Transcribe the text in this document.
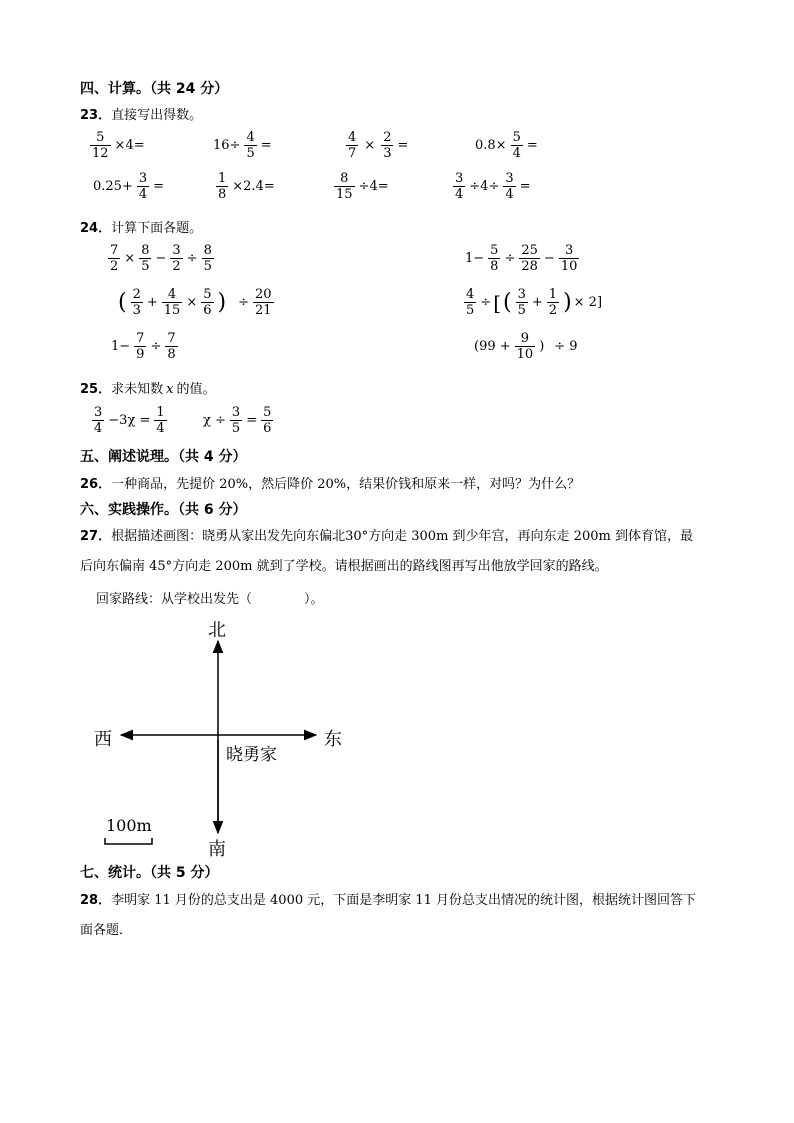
四、计算。（共 24 分）
23．直接写出得数。
$\frac{5}{12} \times 4=$	$16\div \frac{4}{5}$ =	$\frac{4}{7} \times \frac{2}{3}$ =	$0.8\times \frac{5}{4}$ =
$0.25+ \frac{3}{4}$ =	$\frac{1}{8} \times 2.4=$	$\frac{8}{15} \div 4=$	$\frac{3}{4} \div 4\div \frac{3}{4}$ =
24．计算下面各题。
$\frac{7}{2} \times \frac{8}{5} - \frac{3}{2} \div \frac{8}{5}$
( $\frac{2}{3} + \frac{4}{15} \times \frac{5}{6}$ ) ÷ $\frac{20}{21}$
$1- \frac{7}{9} \div \frac{7}{8}$
$1- \frac{5}{8} \div \frac{25}{28} - \frac{3}{10}$
$\frac{4}{5}$ ÷ [ ( $\frac{3}{5} + \frac{1}{2}$ ) × 2]
($99 + \frac{9}{10}$ ) ÷ 9
25．求未知数 x 的值。
$\frac{3}{4} -3\chi = \frac{1}{4}$	$\chi \div \frac{3}{5} = \frac{5}{6}$
五、阐述说理。（共 4 分）
26．一种商品，先提价 20%，然后降价 20%，结果价钱和原来一样，对吗？为什么？
六、实践操作。（共 6 分）
27．根据描述画图：晓勇从家出发先向东偏北30°方向走 300m 到少年宫，再向东走 200m 到体育馆，最
后向东偏南 45°方向走 200m 就到了学校。请根据画出的路线图再写出他放学回家的路线。
回家路线：从学校出发先（　　　　）。
北
西	东
晓勇家
南
100m
七、统计。（共 5 分）
28．李明家 11 月份的总支出是 4000 元，下面是李明家 11 月份总支出情况的统计图，根据统计图回答下
面各题．
